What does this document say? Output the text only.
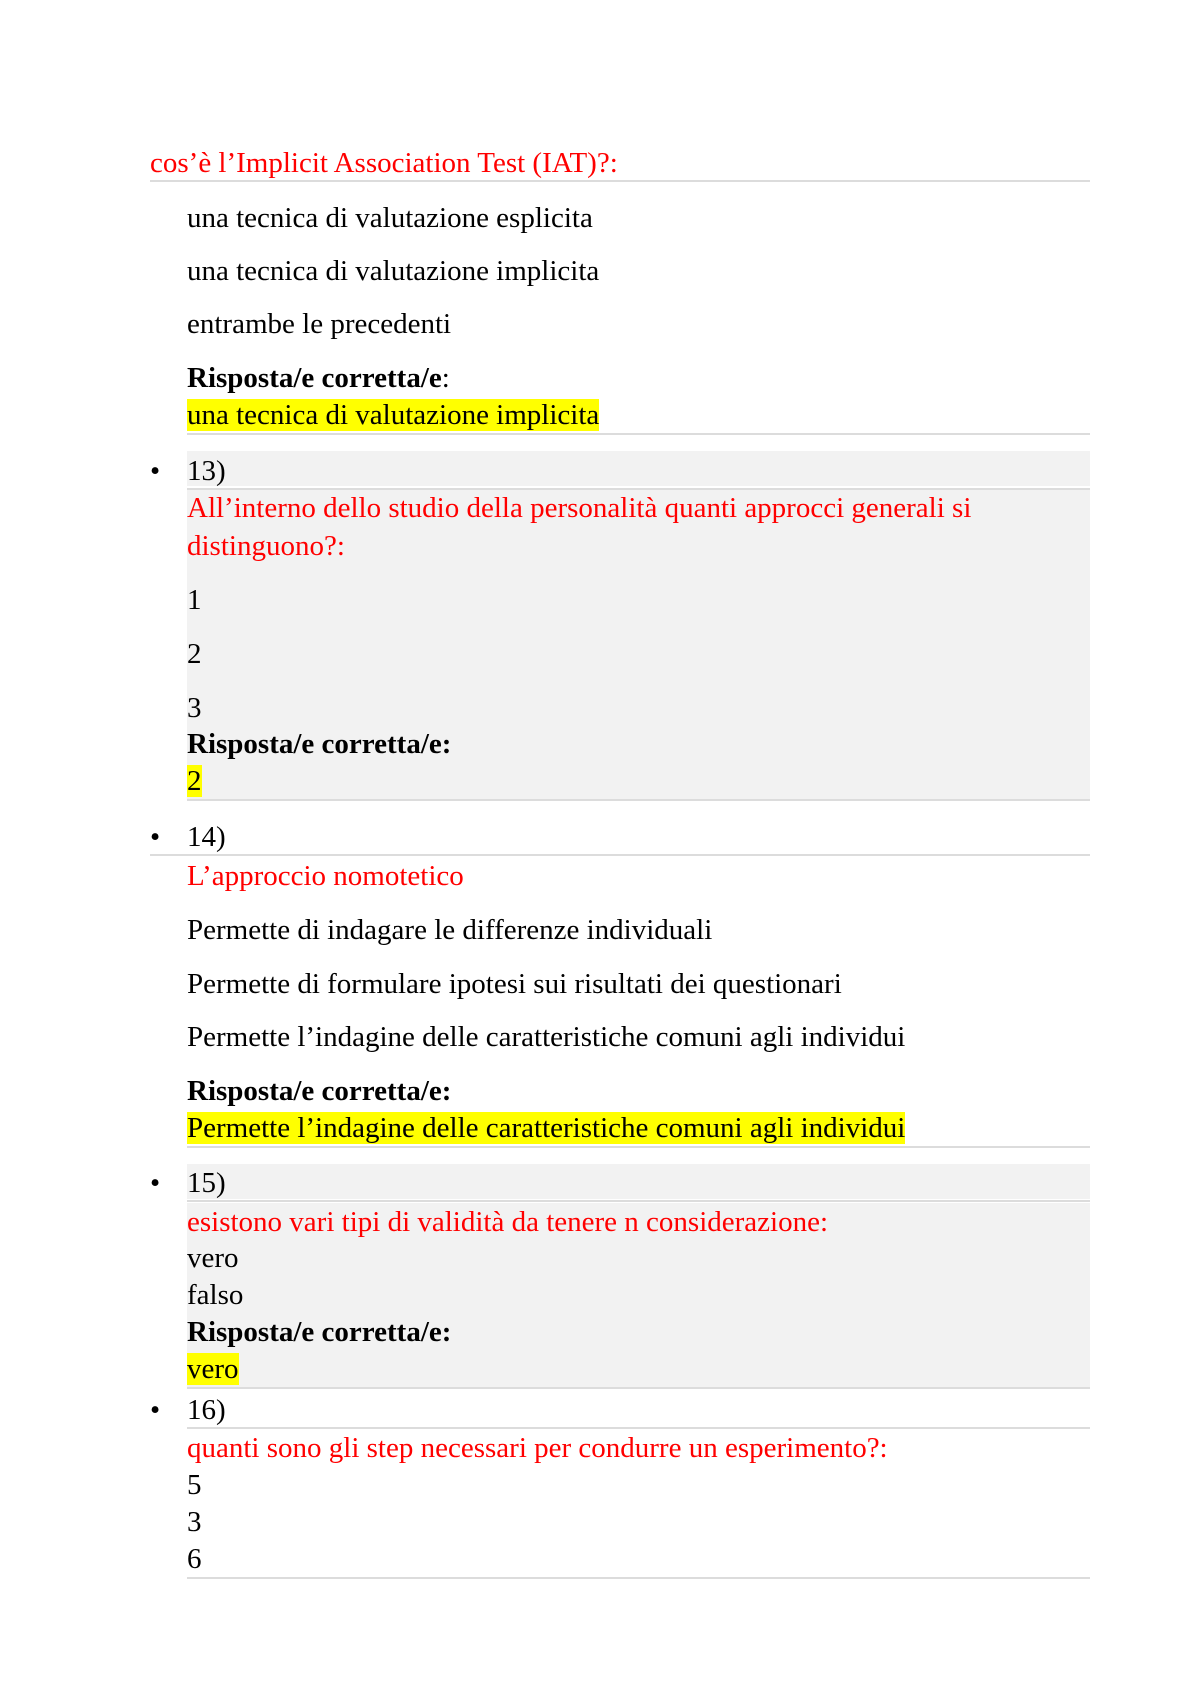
cos’è l’Implicit Association Test (IAT)?:
una tecnica di valutazione esplicita
una tecnica di valutazione implicita
entrambe le precedenti
Risposta/e corretta/e:
una tecnica di valutazione implicita
• 13)
All’interno dello studio della personalità quanti approcci generali si
distinguono?:
1
2
3
Risposta/e corretta/e:
2
• 14)
L’approccio nomotetico
Permette di indagare le differenze individuali
Permette di formulare ipotesi sui risultati dei questionari
Permette l’indagine delle caratteristiche comuni agli individui
Risposta/e corretta/e:
Permette l’indagine delle caratteristiche comuni agli individui
• 15)
esistono vari tipi di validità da tenere n considerazione:
vero
falso
Risposta/e corretta/e:
vero
• 16)
quanti sono gli step necessari per condurre un esperimento?:
5
3
6
